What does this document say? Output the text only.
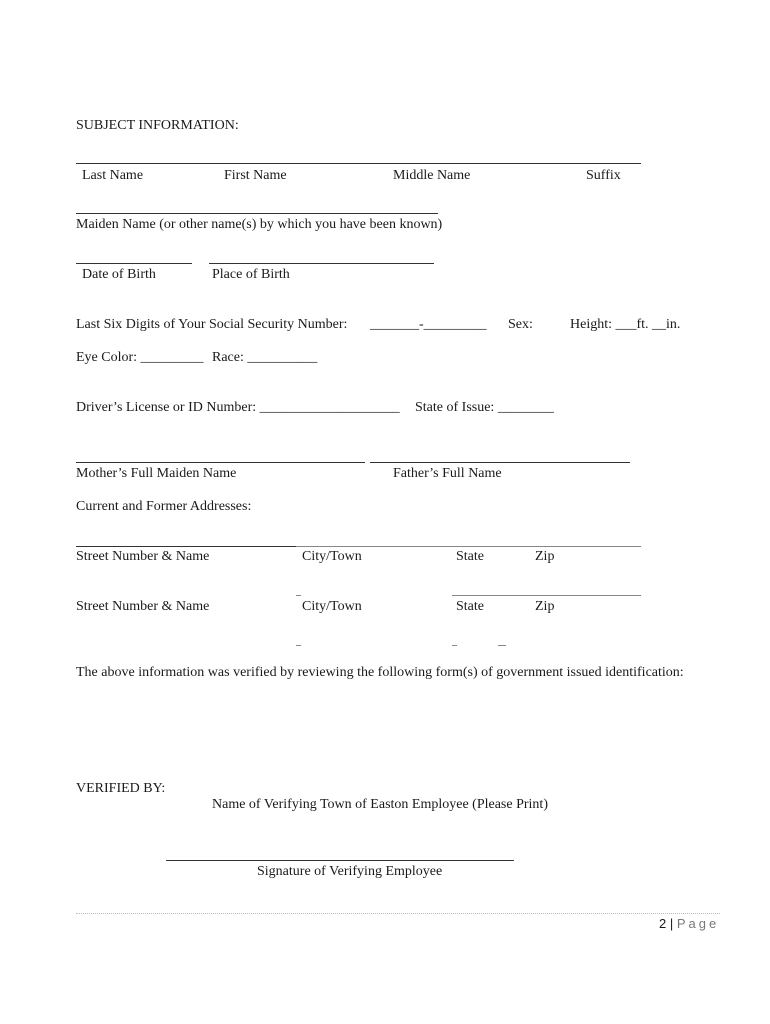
SUBJECT INFORMATION:
Last Name	First Name	Middle Name	Suffix
Maiden Name (or other name(s) by which you have been known)
Date of Birth	Place of Birth
Last Six Digits of Your Social Security Number: _______-_________ Sex:	Height: ___ft. __in.
Eye Color: _________ Race: __________
Driver’s License or ID Number: ____________________ State of Issue: ________
Mother’s Full Maiden Name	Father’s Full Name
Current and Former Addresses:
Street Number & Name	City/Town	State	Zip
Street Number & Name	City/Town	State	Zip
The above information was verified by reviewing the following form(s) of government issued identification:
VERIFIED BY:
Name of Verifying Town of Easton Employee (Please Print)
Signature of Verifying Employee
2 | Page
